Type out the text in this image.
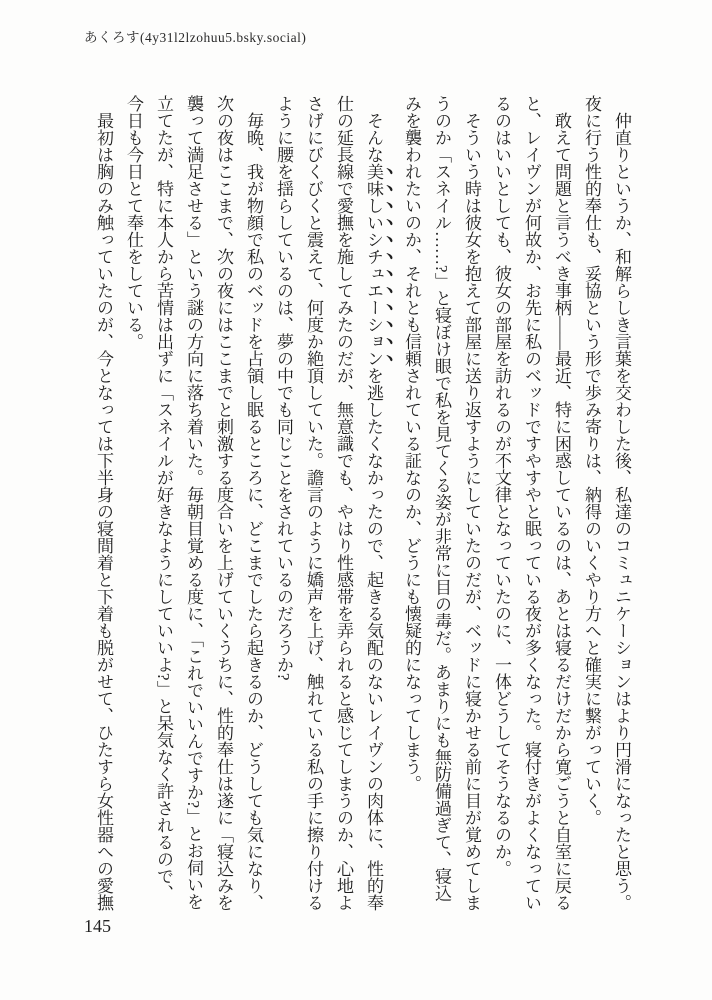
あくろす(4y31l2lzohuu5.bsky.social)

　仲直りというか、和解らしき言葉を交わした後、私達のコミュニケーションはより円滑になったと思う。

夜に行う性的奉仕も、妥協という形で歩み寄りは、納得のいくやり方へと確実に繋がっていく。

　敢えて問題と言うべき事柄――最近、特に困惑しているのは、あとは寝るだけだから寛ごうと自室に戻ると、レイヴンが何故か、お先に私のベッドですやすやと眠っている夜が多くなった。寝付きがよくなっているのはいいとしても、彼女の部屋を訪れるのが不文律となっていたのに、一体どうしてそうなるのか。

　そういう時は彼女を抱えて部屋に送り返すようにしていたのだが、ベッドに寝かせる前に目が覚めてしまうのか「スネイル……?」と寝ぼけ眼で私を見てくる姿が非常に目の毒だ。あまりにも無防備過ぎて、寝込みを襲われたいのか、それとも信頼されている証なのか、どうにも懐疑的になってしまう。

　そんな美味しいシチュエーションを逃したくなかったので、起きる気配のないレイヴンの肉体に、性的奉仕の延長線で愛撫を施してみたのだが、無意識でも、やはり性感帯を弄られると感じてしまうのか、心地よさげにびくびくと震えて、何度か絶頂していた。譫言のように嬌声を上げ、触れている私の手に擦り付けるように腰を揺らしているのは、夢の中でも同じことをされているのだろうか?

　毎晩、我が物顔で私のベッドを占領し眠るところに、どこまでしたら起きるのか、どうしても気になり、次の夜はここまで、次の夜にはここまでと刺激する度合いを上げていくうちに、性的奉仕は遂に「寝込みを襲って満足させる」という謎の方向に落ち着いた。毎朝目覚める度に、「これでいいんですか?」とお伺いを立てたが、特に本人から苦情は出ずに「スネイルが好きなようにしていいよ?」と呆気なく許されるので、今日も今日とて奉仕をしている。

　最初は胸のみ触っていたのが、今となっては下半身の寝間着と下着も脱がせて、ひたすら女性器への愛撫

145
